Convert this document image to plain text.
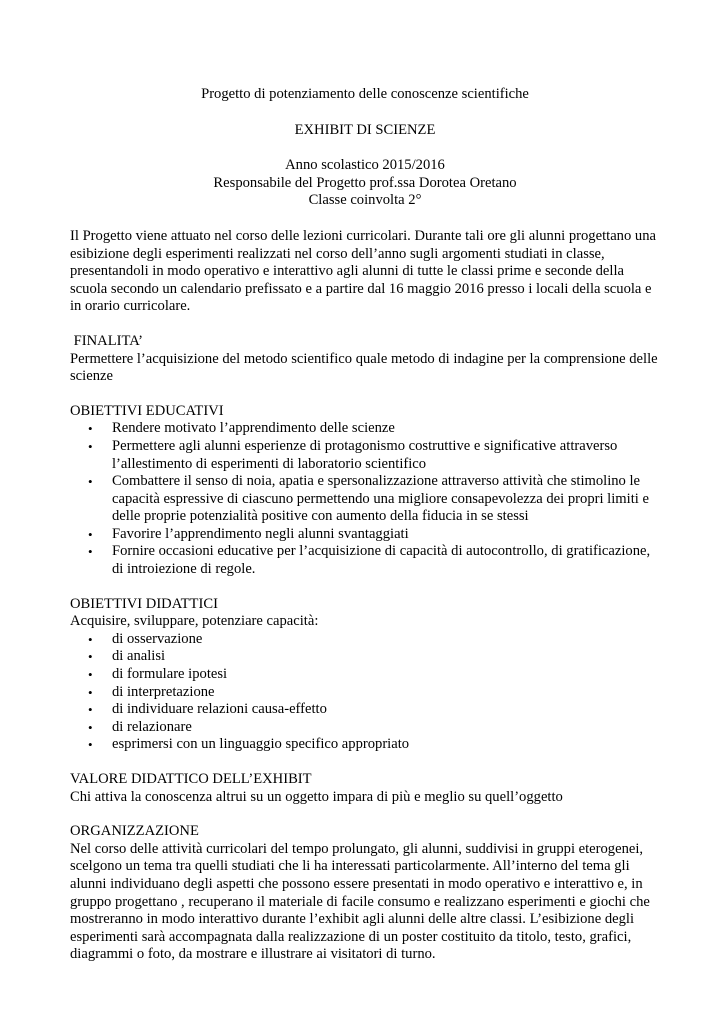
Progetto di potenziamento delle conoscenze scientifiche

EXHIBIT DI SCIENZE

Anno scolastico 2015/2016

Responsabile del Progetto prof.ssa Dorotea Oretano

Classe coinvolta 2°

Il Progetto viene attuato nel corso delle lezioni curricolari. Durante tali ore gli alunni progettano una esibizione degli esperimenti realizzati nel corso dell’anno sugli argomenti studiati in classe, presentandoli in modo operativo e interattivo agli alunni di tutte le classi prime e seconde della scuola secondo un calendario prefissato e a partire dal 16 maggio 2016 presso i locali della scuola e in orario curricolare.

FINALITA’

Permettere l’acquisizione del metodo scientifico quale metodo di indagine per la comprensione delle scienze

OBIETTIVI EDUCATIVI

• Rendere motivato l’apprendimento delle scienze
• Permettere agli alunni esperienze di protagonismo costruttive e significative attraverso l’allestimento di esperimenti di laboratorio scientifico
• Combattere il senso di noia, apatia e spersonalizzazione attraverso attività che stimolino le capacità espressive di ciascuno permettendo una migliore consapevolezza dei propri limiti e delle proprie potenzialità positive con aumento della fiducia in se stessi
• Favorire l’apprendimento negli alunni svantaggiati
• Fornire occasioni educative per l’acquisizione di capacità di autocontrollo, di gratificazione, di introiezione di regole.

OBIETTIVI DIDATTICI

Acquisire, sviluppare, potenziare capacità:

• di osservazione
• di analisi
• di formulare ipotesi
• di interpretazione
• di individuare relazioni causa-effetto
• di relazionare
• esprimersi con un linguaggio specifico appropriato

VALORE DIDATTICO DELL’EXHIBIT

Chi attiva la conoscenza altrui su un oggetto impara di più e meglio su quell’oggetto

ORGANIZZAZIONE

Nel corso delle attività curricolari del tempo prolungato, gli alunni, suddivisi in gruppi eterogenei, scelgono un tema tra quelli studiati che li ha interessati particolarmente. All’interno del tema gli alunni individuano degli aspetti che possono essere presentati in modo operativo e interattivo e, in gruppo progettano , recuperano il materiale di facile consumo e realizzano esperimenti e giochi che mostreranno in modo interattivo durante l’exhibit agli alunni delle altre classi. L’esibizione degli esperimenti sarà accompagnata dalla realizzazione di un poster costituito da titolo, testo, grafici, diagrammi o foto, da mostrare e illustrare ai visitatori di turno.
